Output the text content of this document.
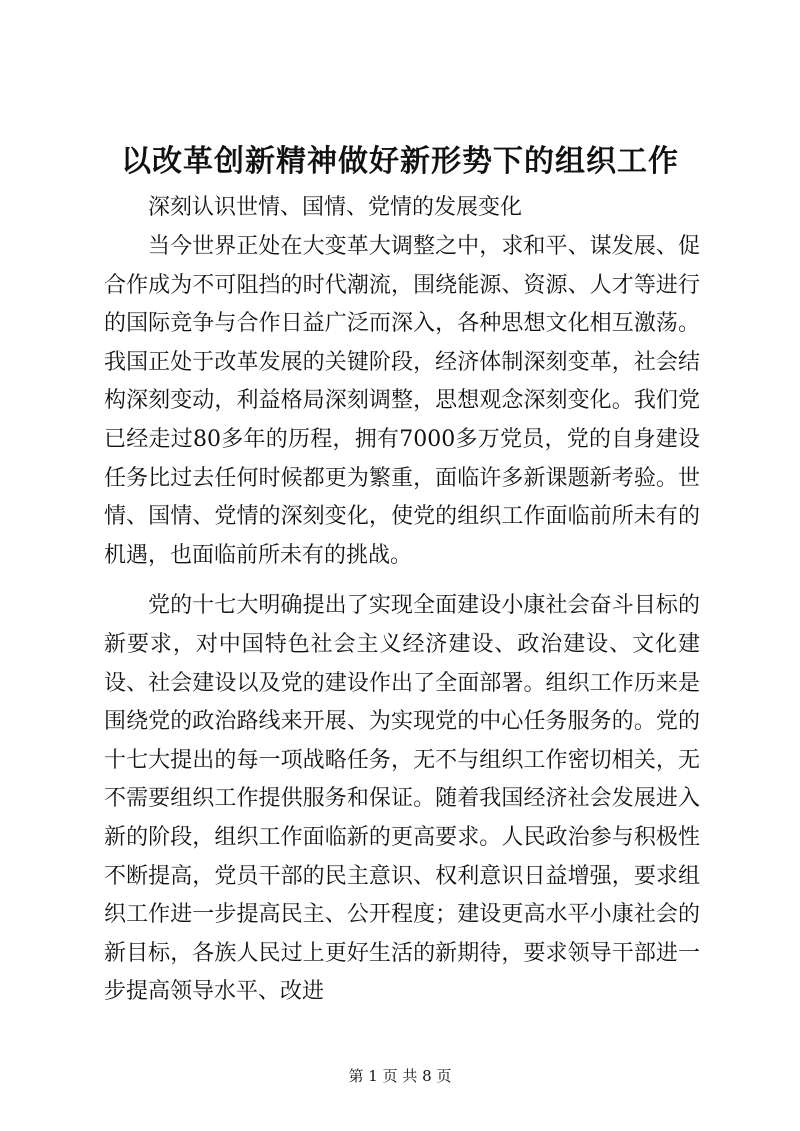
以改革创新精神做好新形势下的组织工作

深刻认识世情、国情、党情的发展变化

当今世界正处在大变革大调整之中，求和平、谋发展、促合作成为不可阻挡的时代潮流，围绕能源、资源、人才等进行的国际竞争与合作日益广泛而深入，各种思想文化相互激荡。我国正处于改革发展的关键阶段，经济体制深刻变革，社会结构深刻变动，利益格局深刻调整，思想观念深刻变化。我们党已经走过80多年的历程，拥有7000多万党员，党的自身建设任务比过去任何时候都更为繁重，面临许多新课题新考验。世情、国情、党情的深刻变化，使党的组织工作面临前所未有的机遇，也面临前所未有的挑战。

党的十七大明确提出了实现全面建设小康社会奋斗目标的新要求，对中国特色社会主义经济建设、政治建设、文化建设、社会建设以及党的建设作出了全面部署。组织工作历来是围绕党的政治路线来开展、为实现党的中心任务服务的。党的十七大提出的每一项战略任务，无不与组织工作密切相关，无不需要组织工作提供服务和保证。随着我国经济社会发展进入新的阶段，组织工作面临新的更高要求。人民政治参与积极性不断提高，党员干部的民主意识、权利意识日益增强，要求组织工作进一步提高民主、公开程度；建设更高水平小康社会的新目标，各族人民过上更好生活的新期待，要求领导干部进一步提高领导水平、改进

第 1 页 共 8 页
